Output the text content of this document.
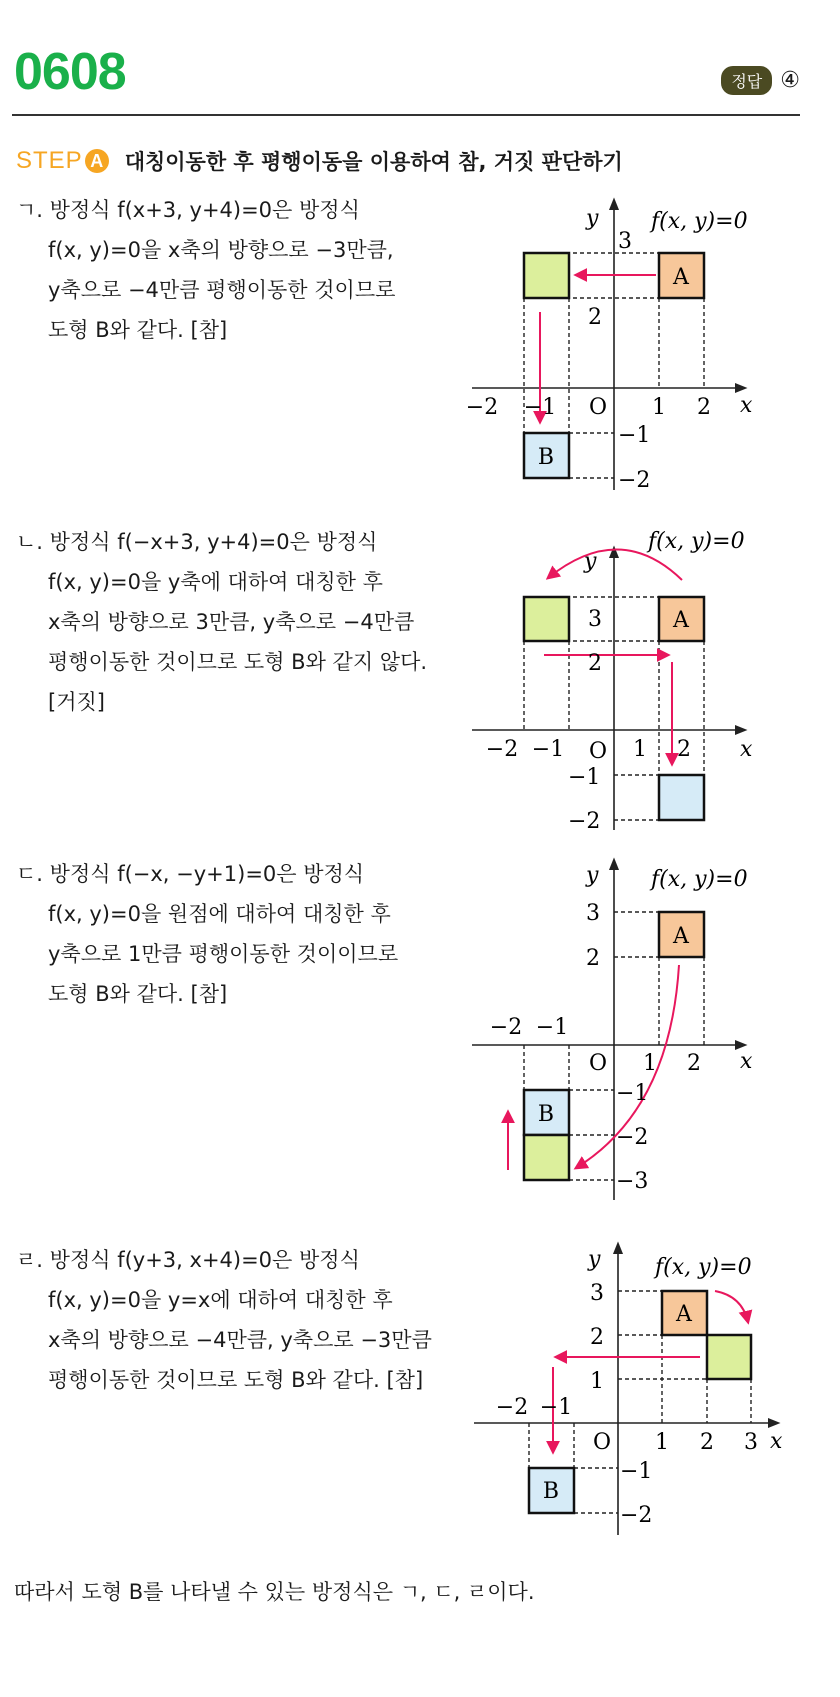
0608	정답 ④
STEP A 대칭이동한 후 평행이동을 이용하여 참, 거짓 판단하기
ㄱ. 방정식 f(x+3, y+4)=0은 방정식
f(x, y)=0을 x축의 방향으로 −3만큼,
y축으로 −4만큼 평행이동한 것이므로
도형 B와 같다. [참]
ㄴ. 방정식 f(−x+3, y+4)=0은 방정식
f(x, y)=0을 y축에 대하여 대칭한 후
x축의 방향으로 3만큼, y축으로 −4만큼
평행이동한 것이므로 도형 B와 같지 않다.
[거짓]
ㄷ. 방정식 f(−x, −y+1)=0은 방정식
f(x, y)=0을 원점에 대하여 대칭한 후
y축으로 1만큼 평행이동한 것이이므로
도형 B와 같다. [참]
ㄹ. 방정식 f(y+3, x+4)=0은 방정식
f(x, y)=0을 y=x에 대하여 대칭한 후
x축의 방향으로 −4만큼, y축으로 −3만큼
평행이동한 것이므로 도형 B와 같다. [참]
A
B
f(x, y)=0
y
x
O
−2 −1	1 2
3
2
−1
−2
A
f(x, y)=0
y
x
O
−2 −1	1 2
3
2
−1
−2
A
B
f(x, y)=0
y
x
O
−2 −1
1 2
3
2
−1
−2
−3
A
B
f(x, y)=0
y
x
O
−2 −1
1 2 3
3
2
1
−1
−2
따라서 도형 B를 나타낼 수 있는 방정식은 ㄱ, ㄷ, ㄹ이다.
